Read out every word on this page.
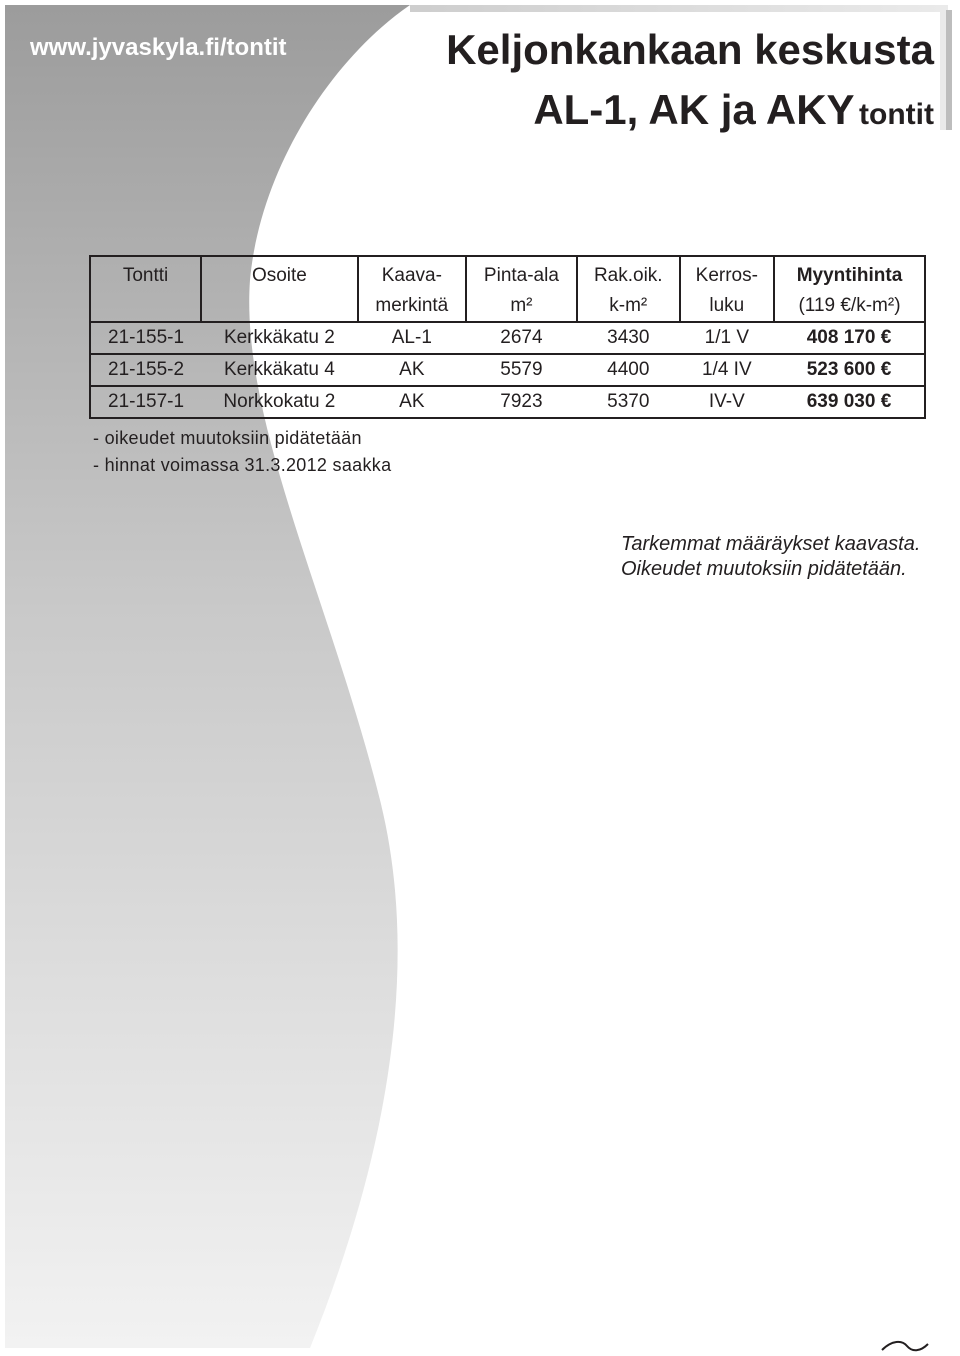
www.jyvaskyla.fi/tontit	Keljonkankaan keskusta
AL-1, AK ja AKY tontit
Tontti	Osoite	Kaava-	Pinta-ala	Rak.oik.	Kerros-	Myyntihinta
		merkintä	m²	k-m²	luku	(119 €/k-m²)
21-155-1	Kerkkäkatu 2	AL-1	2674	3430	1/1 V	408 170 €
21-155-2	Kerkkäkatu 4	AK	5579	4400	1/4 IV	523 600 €
21-157-1	Norkkokatu 2	AK	7923	5370	IV-V	639 030 €
- oikeudet muutoksiin pidätetään
- hinnat voimassa 31.3.2012 saakka
Tarkemmat määräykset kaavasta.
Oikeudet muutoksiin pidätetään.
